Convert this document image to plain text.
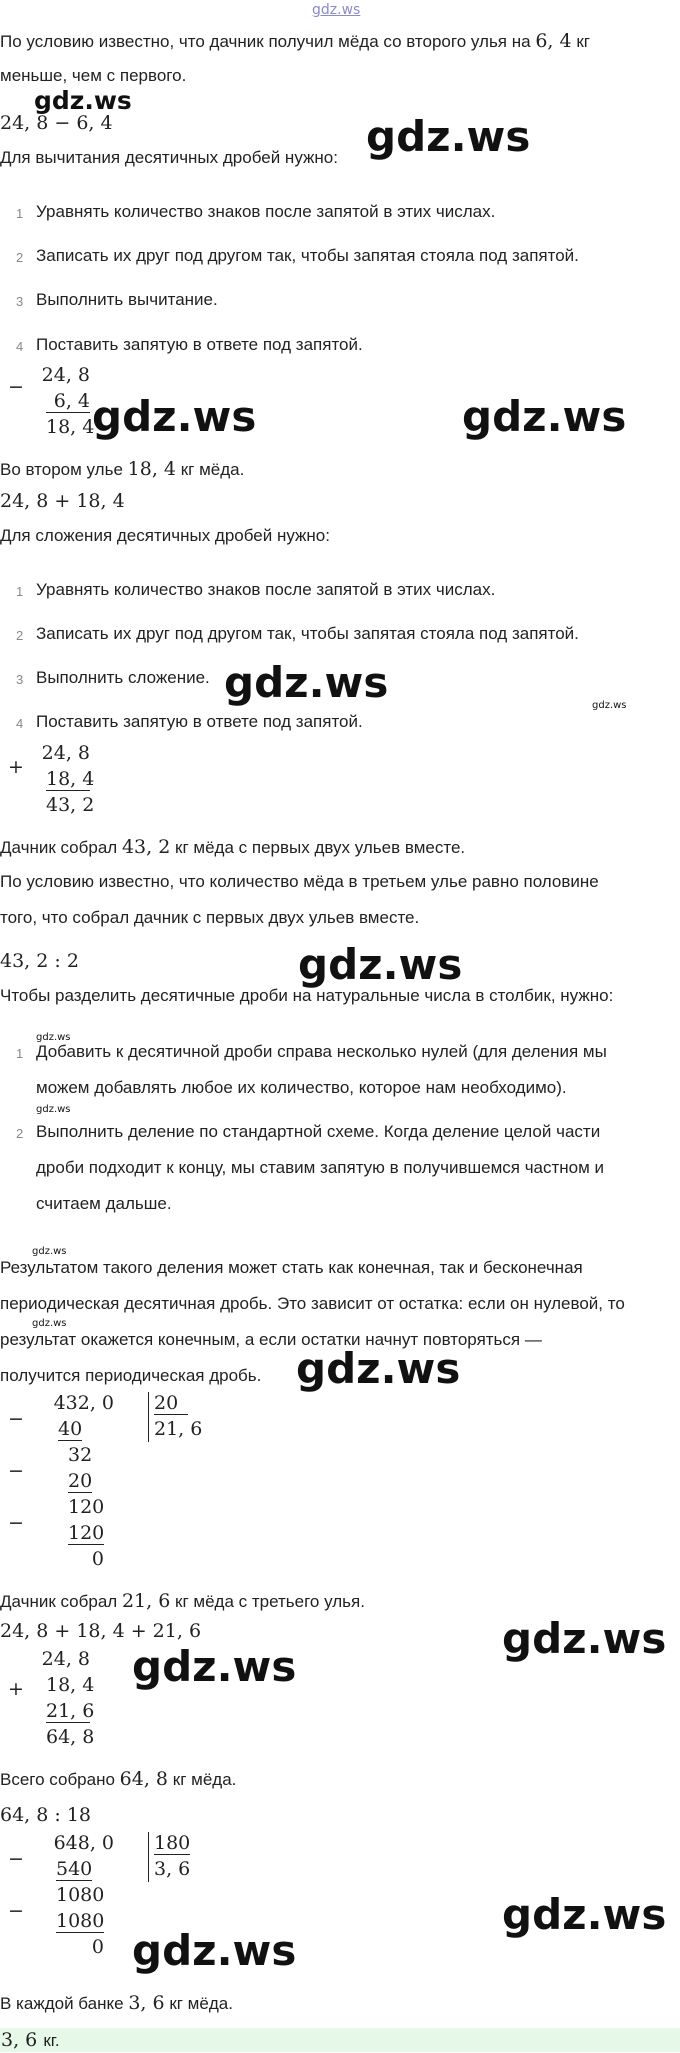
gdz.ws
По условию известно, что дачник получил мёда со второго улья на 6, 4 кг
меньше, чем с первого.
gdz.ws
24, 8 − 6, 4
Для вычитания десятичных дробей нужно: gdz.ws
1 Уравнять количество знаков после запятой в этих числах.
2 Записать их друг под другом так, чтобы запятая стояла под запятой.
3 Выполнить вычитание.
4 Поставить запятую в ответе под запятой.
−
24, 8
6, 4
18, 4
gdz.ws	gdz.ws
Во втором улье 18, 4 кг мёда.
24, 8 + 18, 4
Для сложения десятичных дробей нужно:
1 Уравнять количество знаков после запятой в этих числах.
2 Записать их друг под другом так, чтобы запятая стояла под запятой.
3 Выполнить сложение. gdz.ws	gdz.ws
4 Поставить запятую в ответе под запятой.
+
24, 8
18, 4
43, 2
Дачник собрал 43, 2 кг мёда с первых двух ульев вместе.
По условию известно, что количество мёда в третьем улье равно половине
того, что собрал дачник с первых двух ульев вместе.
43, 2 : 2	gdz.ws
Чтобы разделить десятичные дроби на натуральные числа в столбик, нужно:
gdz.ws
1 Добавить к десятичной дроби справа несколько нулей (для деления мы
можем добавлять любое их количество, которое нам необходимо).
gdz.ws
2 Выполнить деление по стандартной схеме. Когда деление целой части
дроби подходит к концу, мы ставим запятую в получившемся частном и
считаем дальше.
gdz.ws
Результатом такого деления может стать как конечная, так и бесконечная
периодическая десятичная дробь. Это зависит от остатка: если он нулевой, то
gdz.ws
результат окажется конечным, а если остатки начнут повторяться —
получится периодическая дробь. gdz.ws
432, 0 20
21, 6
− 40
32
− 20
120
− 120
0
Дачник собрал 21, 6 кг мёда с третьего улья.
24, 8 + 18, 4 + 21, 6	gdz.ws
gdz.ws
24, 8
+ 18, 4
21, 6
64, 8
Всего собрано 64, 8 кг мёда.
64, 8 : 18
648, 0 180
3, 6
− 540
1080
− 1080
0
gdz.ws
gdz.ws
В каждой банке 3, 6 кг мёда.
3, 6 кг.
